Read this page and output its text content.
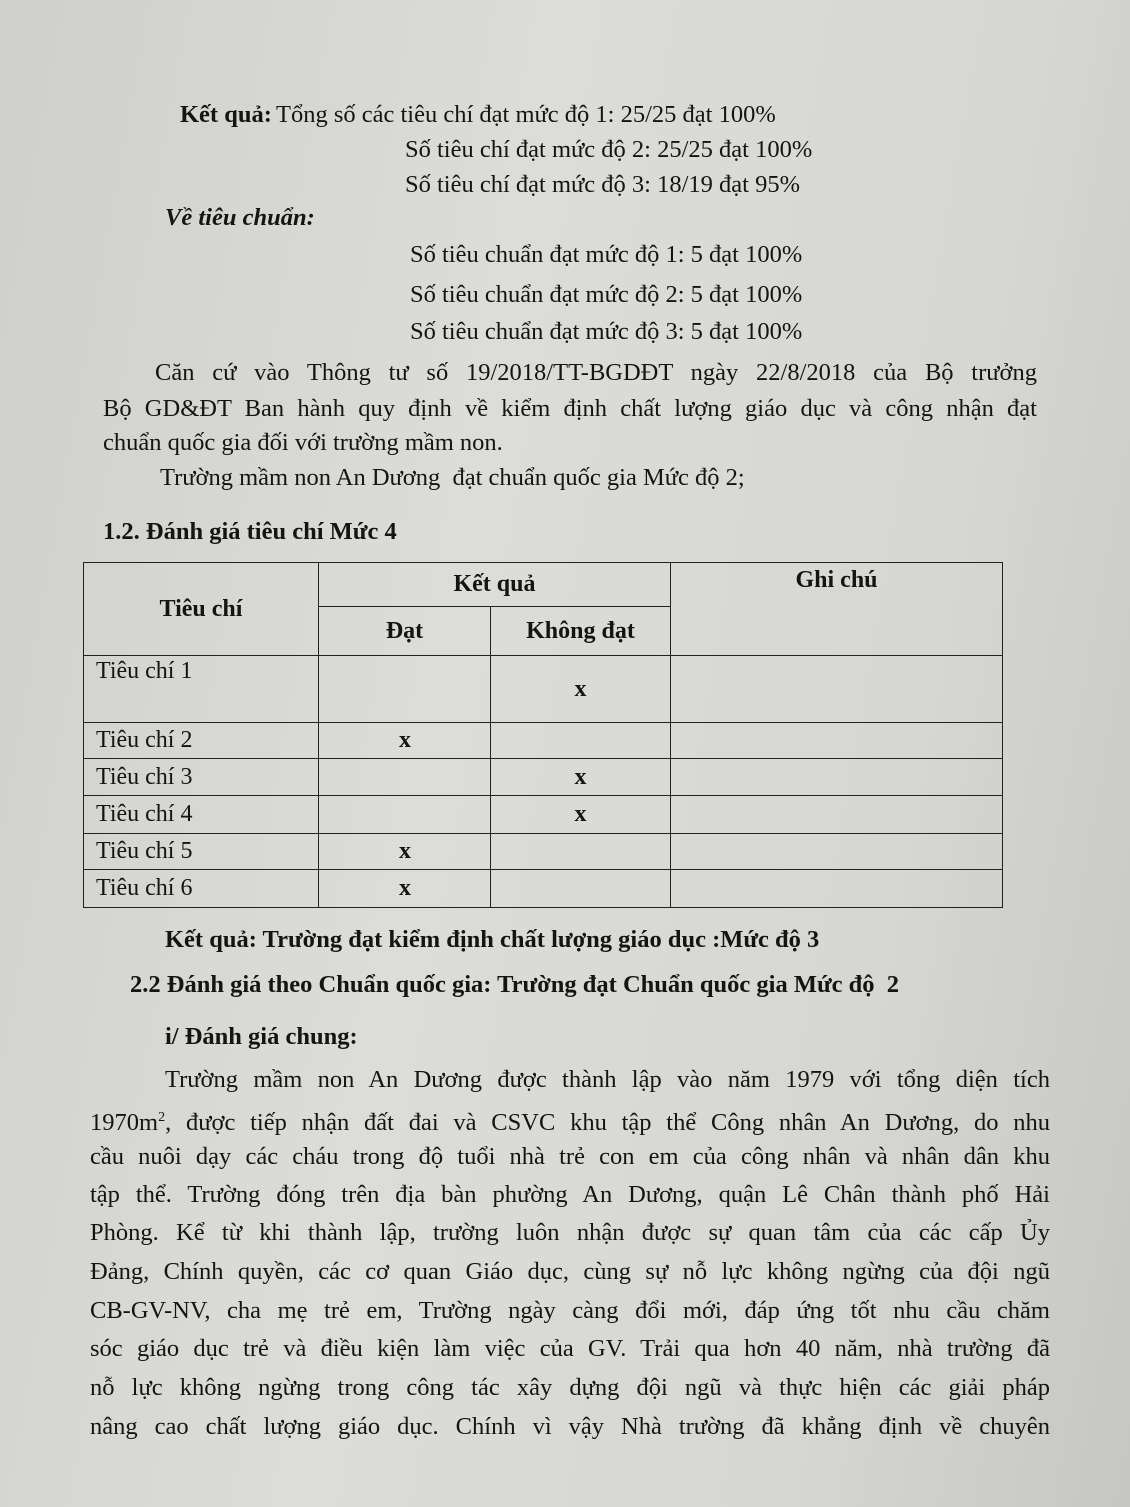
Kết quả: Tổng số các tiêu chí đạt mức độ 1: 25/25 đạt 100%
Số tiêu chí đạt mức độ 2: 25/25 đạt 100%
Số tiêu chí đạt mức độ 3: 18/19 đạt 95%
Về tiêu chuẩn:
Số tiêu chuẩn đạt mức độ 1: 5 đạt 100%
Số tiêu chuẩn đạt mức độ 2: 5 đạt 100%
Số tiêu chuẩn đạt mức độ 3: 5 đạt 100%
Căn cứ vào Thông tư số 19/2018/TT-BGDĐT ngày 22/8/2018 của Bộ trưởng
Bộ GD&ĐT Ban hành quy định về kiểm định chất lượng giáo dục và công nhận đạt
chuẩn quốc gia đối với trường mầm non.
Trường mầm non An Dương  đạt chuẩn quốc gia Mức độ 2;
1.2. Đánh giá tiêu chí Mức 4
Tiêu chí	Kết quả		Ghi chú
	Đạt	Không đạt	
Tiêu chí 1		x	
Tiêu chí 2	x		
Tiêu chí 3		x	
Tiêu chí 4		x	
Tiêu chí 5	x		
Tiêu chí 6	x		
Kết quả: Trường đạt kiểm định chất lượng giáo dục :Mức độ 3
2.2 Đánh giá theo Chuẩn quốc gia: Trường đạt Chuẩn quốc gia Mức độ  2
i/ Đánh giá chung:
Trường mầm non An Dương được thành lập vào năm 1979 với tổng diện tích
$1970m^2$, được tiếp nhận đất đai và CSVC khu tập thể Công nhân An Dương, do nhu
cầu nuôi dạy các cháu trong độ tuổi nhà trẻ con em của công nhân và nhân dân khu
tập thể. Trường đóng trên địa bàn phường An Dương, quận Lê Chân thành phố Hải
Phòng. Kể từ khi thành lập, trường luôn nhận được sự quan tâm của các cấp Ủy
Đảng, Chính quyền, các cơ quan Giáo dục, cùng sự nỗ lực không ngừng của đội ngũ
CB-GV-NV, cha mẹ trẻ em, Trường ngày càng đổi mới, đáp ứng tốt nhu cầu chăm
sóc giáo dục trẻ và điều kiện làm việc của GV. Trải qua hơn 40 năm, nhà trường đã
nỗ lực không ngừng trong công tác xây dựng đội ngũ và thực hiện các giải pháp
nâng cao chất lượng giáo dục. Chính vì vậy Nhà trường đã khẳng định về chuyên
